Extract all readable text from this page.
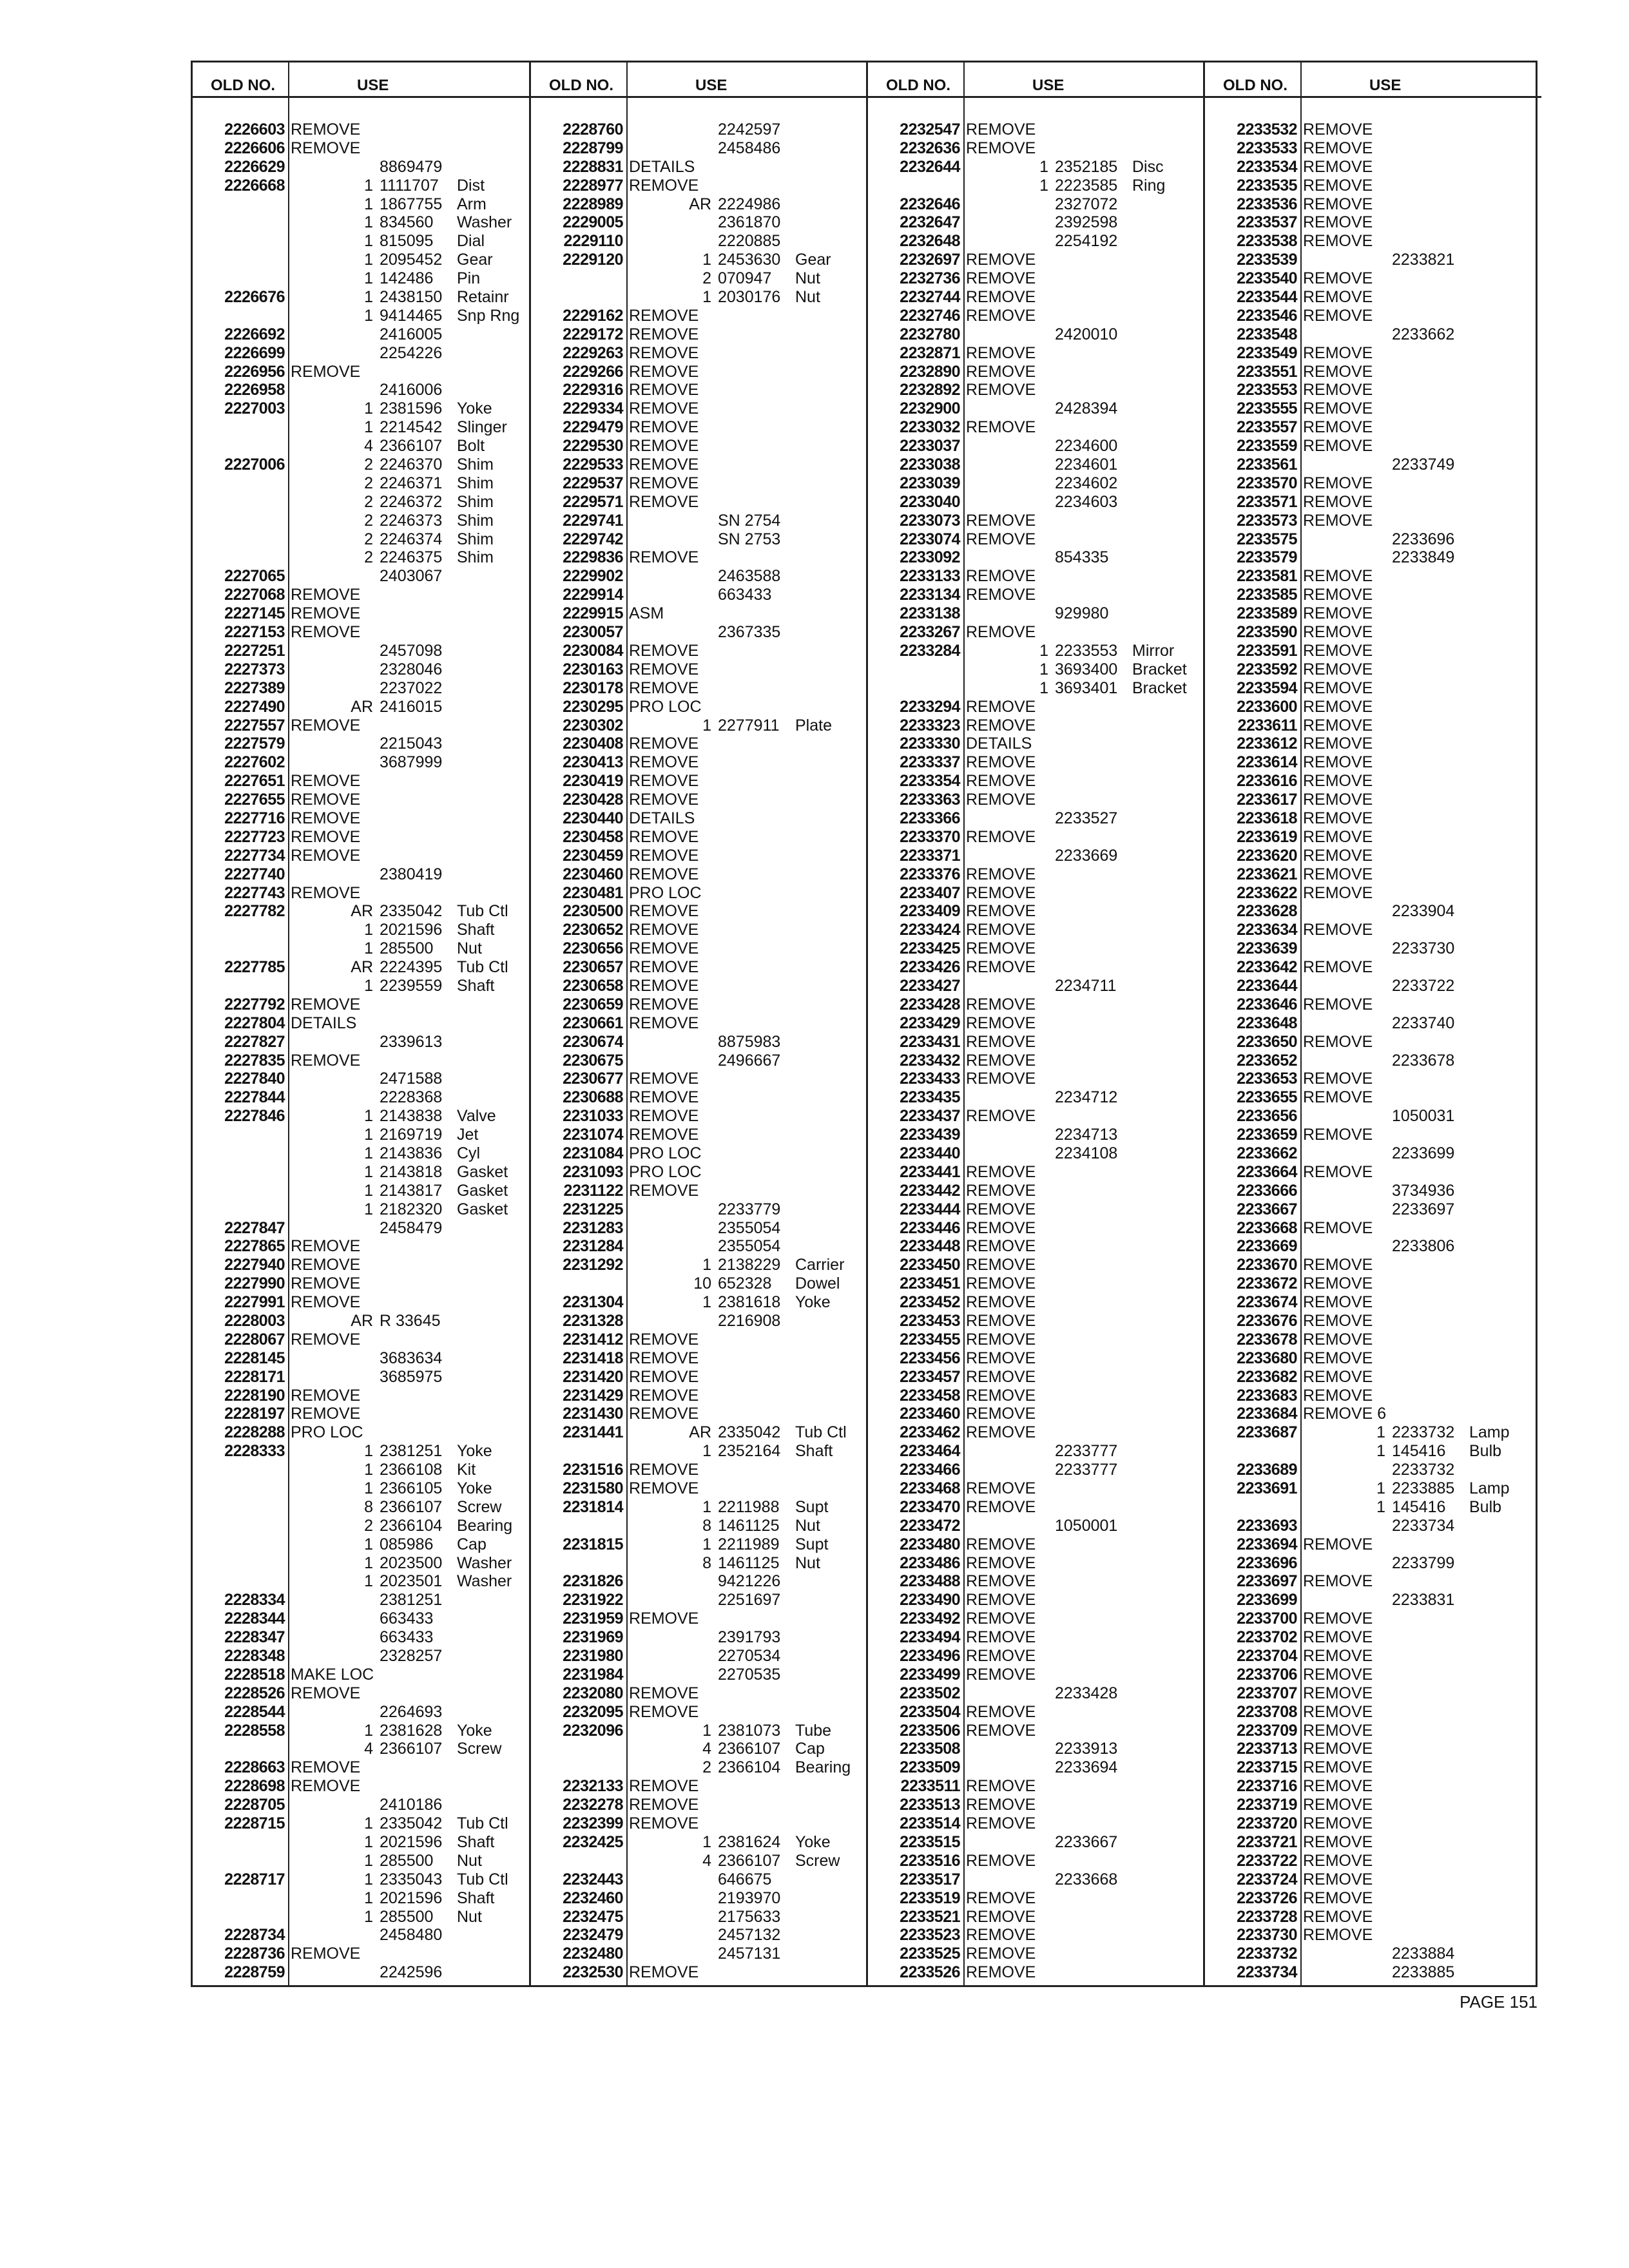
OLD NO.	USE
2226603 REMOVE
2226606 REMOVE
2226629	8869479
2226668	1 1111707 Dist
1 1867755 Arm
1 834560 Washer
1 815095 Dial
1 2095452 Gear
1 142486 Pin
2226676	1 2438150 Retainr
1 9414465 Snp Rng
2226692	2416005
2226699	2254226
2226956 REMOVE
2226958	2416006
2227003	1 2381596 Yoke
1 2214542 Slinger
4 2366107 Bolt
2227006	2 2246370 Shim
2 2246371 Shim
2 2246372 Shim
2 2246373 Shim
2 2246374 Shim
2 2246375 Shim
2227065	2403067
2227068 REMOVE
2227145 REMOVE
2227153 REMOVE
2227251	2457098
2227373	2328046
2227389	2237022
2227490	AR 2416015
2227557 REMOVE
2227579	2215043
2227602	3687999
2227651 REMOVE
2227655 REMOVE
2227716 REMOVE
2227723 REMOVE
2227734 REMOVE
2227740	2380419
2227743 REMOVE
2227782	AR 2335042 Tub Ctl
1 2021596 Shaft
1 285500 Nut
2227785	AR 2224395 Tub Ctl
1 2239559 Shaft
2227792 REMOVE
2227804 DETAILS
2227827	2339613
2227835 REMOVE
2227840	2471588
2227844	2228368
2227846	1 2143838 Valve
1 2169719 Jet
1 2143836 Cyl
1 2143818 Gasket
1 2143817 Gasket
1 2182320 Gasket
2227847	2458479
2227865 REMOVE
2227940 REMOVE
2227990 REMOVE
2227991 REMOVE
2228003	AR R 33645
2228067 REMOVE
2228145	3683634
2228171	3685975
2228190 REMOVE
2228197 REMOVE
2228288 PRO LOC
2228333	1 2381251 Yoke
1 2366108 Kit
1 2366105 Yoke
8 2366107 Screw
2 2366104 Bearing
1 085986 Cap
1 2023500 Washer
1 2023501 Washer
2228334	2381251
2228344	663433
2228347	663433
2228348	2328257
2228518 MAKE LOC
2228526 REMOVE
2228544	2264693
2228558	1 2381628 Yoke
4 2366107 Screw
2228663 REMOVE
2228698 REMOVE
2228705	2410186
2228715	1 2335042 Tub Ctl
1 2021596 Shaft
1 285500 Nut
2228717	1 2335043 Tub Ctl
1 2021596 Shaft
1 285500 Nut
2228734	2458480
2228736 REMOVE
2228759	2242596
OLD NO.	USE
2228760	2242597
2228799	2458486
2228831 DETAILS
2228977 REMOVE
2228989	AR 2224986
2229005	2361870
2229110	2220885
2229120	1 2453630 Gear
2 070947 Nut
1 2030176 Nut
2229162 REMOVE
2229172 REMOVE
2229263 REMOVE
2229266 REMOVE
2229316 REMOVE
2229334 REMOVE
2229479 REMOVE
2229530 REMOVE
2229533 REMOVE
2229537 REMOVE
2229571 REMOVE
2229741	SN 2754
2229742	SN 2753
2229836 REMOVE
2229902	2463588
2229914	663433
2229915 ASM
2230057	2367335
2230084 REMOVE
2230163 REMOVE
2230178 REMOVE
2230295 PRO LOC
2230302	1 2277911 Plate
2230408 REMOVE
2230413 REMOVE
2230419 REMOVE
2230428 REMOVE
2230440 DETAILS
2230458 REMOVE
2230459 REMOVE
2230460 REMOVE
2230481 PRO LOC
2230500 REMOVE
2230652 REMOVE
2230656 REMOVE
2230657 REMOVE
2230658 REMOVE
2230659 REMOVE
2230661 REMOVE
2230674	8875983
2230675	2496667
2230677 REMOVE
2230688 REMOVE
2231033 REMOVE
2231074 REMOVE
2231084 PRO LOC
2231093 PRO LOC
2231122 REMOVE
2231225	2233779
2231283	2355054
2231284	2355054
2231292	1 2138229 Carrier
10 652328 Dowel
2231304	1 2381618 Yoke
2231328	2216908
2231412 REMOVE
2231418 REMOVE
2231420 REMOVE
2231429 REMOVE
2231430 REMOVE
2231441	AR 2335042 Tub Ctl
1 2352164 Shaft
2231516 REMOVE
2231580 REMOVE
2231814	1 2211988 Supt
8 1461125 Nut
2231815	1 2211989 Supt
8 1461125 Nut
2231826	9421226
2231922	2251697
2231959 REMOVE
2231969	2391793
2231980	2270534
2231984	2270535
2232080 REMOVE
2232095 REMOVE
2232096	1 2381073 Tube
4 2366107 Cap
2 2366104 Bearing
2232133 REMOVE
2232278 REMOVE
2232399 REMOVE
2232425	1 2381624 Yoke
4 2366107 Screw
2232443	646675
2232460	2193970
2232475	2175633
2232479	2457132
2232480	2457131
2232530 REMOVE
OLD NO.	USE
2232547 REMOVE
2232636 REMOVE
2232644	1 2352185 Disc
1 2223585 Ring
2232646	2327072
2232647	2392598
2232648	2254192
2232697 REMOVE
2232736 REMOVE
2232744 REMOVE
2232746 REMOVE
2232780	2420010
2232871 REMOVE
2232890 REMOVE
2232892 REMOVE
2232900	2428394
2233032 REMOVE
2233037	2234600
2233038	2234601
2233039	2234602
2233040	2234603
2233073 REMOVE
2233074 REMOVE
2233092	854335
2233133 REMOVE
2233134 REMOVE
2233138	929980
2233267 REMOVE
2233284	1 2233553 Mirror
1 3693400 Bracket
1 3693401 Bracket
2233294 REMOVE
2233323 REMOVE
2233330 DETAILS
2233337 REMOVE
2233354 REMOVE
2233363 REMOVE
2233366	2233527
2233370 REMOVE
2233371	2233669
2233376 REMOVE
2233407 REMOVE
2233409 REMOVE
2233424 REMOVE
2233425 REMOVE
2233426 REMOVE
2233427	2234711
2233428 REMOVE
2233429 REMOVE
2233431 REMOVE
2233432 REMOVE
2233433 REMOVE
2233435	2234712
2233437 REMOVE
2233439	2234713
2233440	2234108
2233441 REMOVE
2233442 REMOVE
2233444 REMOVE
2233446 REMOVE
2233448 REMOVE
2233450 REMOVE
2233451 REMOVE
2233452 REMOVE
2233453 REMOVE
2233455 REMOVE
2233456 REMOVE
2233457 REMOVE
2233458 REMOVE
2233460 REMOVE
2233462 REMOVE
2233464	2233777
2233466	2233777
2233468 REMOVE
2233470 REMOVE
2233472	1050001
2233480 REMOVE
2233486 REMOVE
2233488 REMOVE
2233490 REMOVE
2233492 REMOVE
2233494 REMOVE
2233496 REMOVE
2233499 REMOVE
2233502	2233428
2233504 REMOVE
2233506 REMOVE
2233508	2233913
2233509	2233694
2233511 REMOVE
2233513 REMOVE
2233514 REMOVE
2233515	2233667
2233516 REMOVE
2233517	2233668
2233519 REMOVE
2233521 REMOVE
2233523 REMOVE
2233525 REMOVE
2233526 REMOVE
OLD NO.	USE
2233532 REMOVE
2233533 REMOVE
2233534 REMOVE
2233535 REMOVE
2233536 REMOVE
2233537 REMOVE
2233538 REMOVE
2233539	2233821
2233540 REMOVE
2233544 REMOVE
2233546 REMOVE
2233548	2233662
2233549 REMOVE
2233551 REMOVE
2233553 REMOVE
2233555 REMOVE
2233557 REMOVE
2233559 REMOVE
2233561	2233749
2233570 REMOVE
2233571 REMOVE
2233573 REMOVE
2233575	2233696
2233579	2233849
2233581 REMOVE
2233585 REMOVE
2233589 REMOVE
2233590 REMOVE
2233591 REMOVE
2233592 REMOVE
2233594 REMOVE
2233600 REMOVE
2233611 REMOVE
2233612 REMOVE
2233614 REMOVE
2233616 REMOVE
2233617 REMOVE
2233618 REMOVE
2233619 REMOVE
2233620 REMOVE
2233621 REMOVE
2233622 REMOVE
2233628	2233904
2233634 REMOVE
2233639	2233730
2233642 REMOVE
2233644	2233722
2233646 REMOVE
2233648	2233740
2233650 REMOVE
2233652	2233678
2233653 REMOVE
2233655 REMOVE
2233656	1050031
2233659 REMOVE
2233662	2233699
2233664 REMOVE
2233666	3734936
2233667	2233697
2233668 REMOVE
2233669	2233806
2233670 REMOVE
2233672 REMOVE
2233674 REMOVE
2233676 REMOVE
2233678 REMOVE
2233680 REMOVE
2233682 REMOVE
2233683 REMOVE
2233684 REMOVE 6
2233687	1 2233732 Lamp
1 145416 Bulb
2233689	2233732
2233691	1 2233885 Lamp
1 145416 Bulb
2233693	2233734
2233694 REMOVE
2233696	2233799
2233697 REMOVE
2233699	2233831
2233700 REMOVE
2233702 REMOVE
2233704 REMOVE
2233706 REMOVE
2233707 REMOVE
2233708 REMOVE
2233709 REMOVE
2233713 REMOVE
2233715 REMOVE
2233716 REMOVE
2233719 REMOVE
2233720 REMOVE
2233721 REMOVE
2233722 REMOVE
2233724 REMOVE
2233726 REMOVE
2233728 REMOVE
2233730 REMOVE
2233732	2233884
2233734	2233885
PAGE 151
